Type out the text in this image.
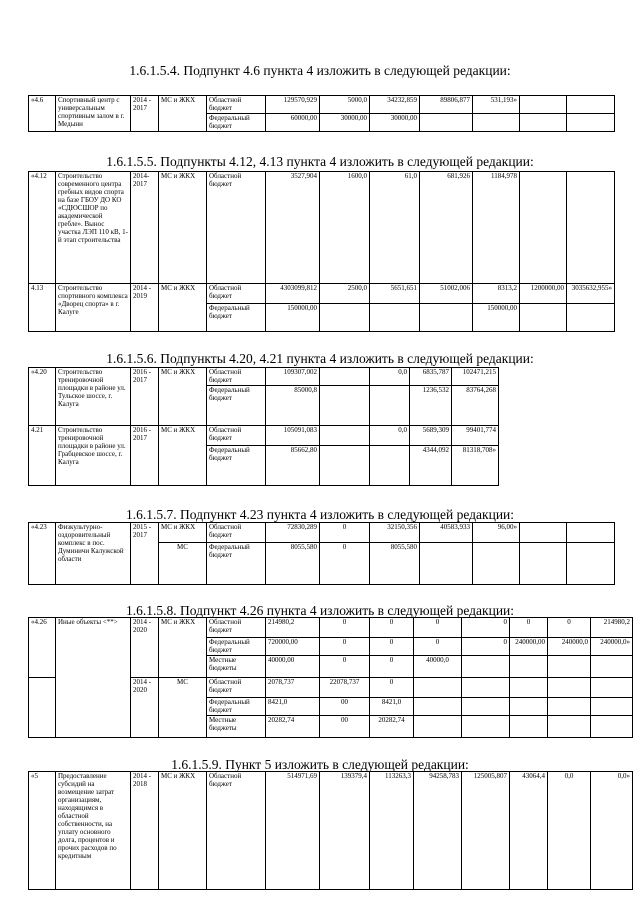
1.6.1.5.4. Подпункт 4.6 пункта 4 изложить в следующей редакции:
«4.6	Спортивный центр с универсальным спортивным залом в г. Медыни	2014 - 2017	МС и ЖКХ	Областной бюджет	129570,929	5000,0	34232,859	89806,877	531,193»			
				Федеральный бюджет	60000,00	30000,00	30000,00					
1.6.1.5.5. Подпункты 4.12, 4.13 пункта 4 изложить в следующей редакции:
«4.12	Строительство современного центра гребных видов спорта на базе ГБОУ ДО КО «СДЮСШОР по академической гребле». Вынос участка ЛЭП 110 кВ, 1-й этап строительства	2014-2017	МС и ЖКХ	Областной бюджет	3527,904	1600,0	61,0	681,926	1184,978			
4.13	Строительство спортивного комплекса «Дворец спорта» в г. Калуге	2014 - 2019	МС и ЖКХ	Областной бюджет	4303099,812	2500,0	5651,651	51002,006	8313,2	1200000,00	3035632,955»	
				Федеральный бюджет	150000,00				150000,00			
1.6.1.5.6. Подпункты 4.20, 4.21 пункта 4 изложить в следующей редакции:
«4.20	Строительство тренировочной площадки в районе ул. Тульское шоссе, г. Калуга	2016 - 2017	МС и ЖКХ	Областной бюджет	109307,002		0,0	6835,787	102471,215			
				Федеральный бюджет	85000,8			1236,532	83764,268			
4.21	Строительство тренировочной площадки в районе ул. Грабцевское шоссе, г. Калуга	2016 - 2017	МС и ЖКХ	Областной бюджет	105091,083		0,0	5689,309	99401,774			
				Федеральный бюджет	85662,80			4344,092	81318,708»			
1.6.1.5.7. Подпункт 4.23 пункта 4 изложить в следующей редакции:
«4.23	Физкультурно-оздоровительный комплекс в пос. Думиничи Калужской области	2015 - 2017	МС и ЖКХ	Областной бюджет	72830,289	0	32150,356	40583,933	96,00»			
			МС	Федеральный бюджет	8055,580	0	8055,580					
1.6.1.5.8. Подпункт 4.26 пункта 4 изложить в следующей редакции:
«4.26	Иные объекты <**>	2014 - 2020	МС и ЖКХ	Областной бюджет	214980,2	0	0	0	0	0	0	214980,2
				Федеральный бюджет	720000,00	0	0	0	0	240000,00	240000,0	240000,0»
				Местные бюджеты	40000,00	0	0	40000,0				
		2014 - 2020	МС	Областной бюджет	2078,737	22078,737	0					
				Федеральный бюджет	8421,0	00	8421,0					
				Местные бюджеты	20282,74	00	20282,74					
1.6.1.5.9. Пункт 5 изложить в следующей редакции:
«5	Предоставление субсидий на возмещение затрат организациям, находящимся в областной собственности, на уплату основного долга, процентов и прочих расходов по кредитным	2014 - 2018	МС и ЖКХ	Областной бюджет	514971,69	139379,4	113263,3	94258,783	125005,807	43064,4	0,0	0,0»
